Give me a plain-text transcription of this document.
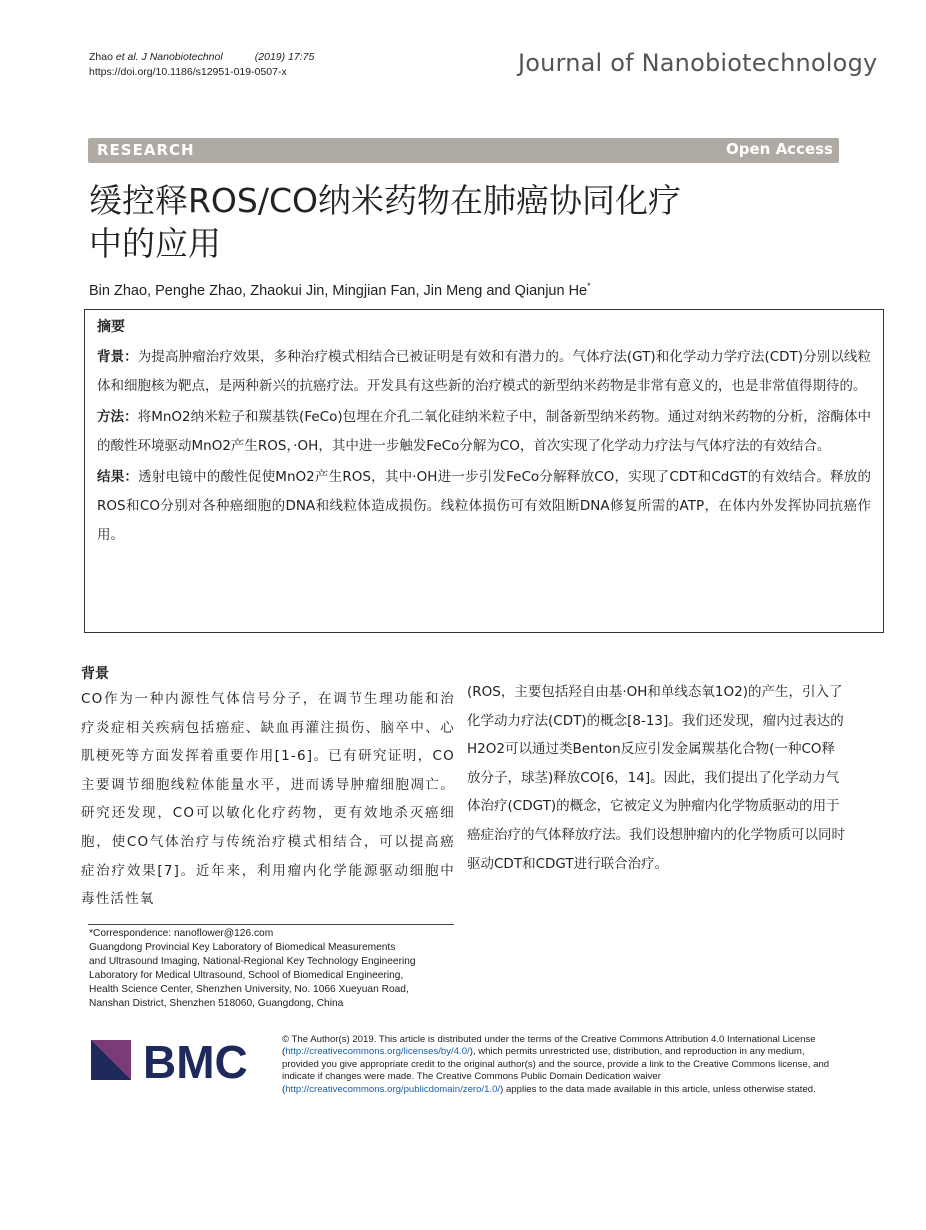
Zhao et al. J Nanobiotechnol	(2019) 17:75
https://doi.org/10.1186/s12951-019-0507-x	Journal of Nanobiotechnology
RESEARCH	Open Access
缓控释ROS/CO纳米药物在肺癌协同化疗中的应用
Bin Zhao, Penghe Zhao, Zhaokui Jin, Mingjian Fan, Jin Meng and Qianjun He*
摘要

背景：为提高肿瘤治疗效果，多种治疗模式相结合已被证明是有效和有潜力的。气体疗法(GT)和化学动力学疗法(CDT)分别以线粒体和细胞核为靶点，是两种新兴的抗癌疗法。开发具有这些新的治疗模式的新型纳米药物是非常有意义的，也是非常值得期待的。

方法：将MnO2纳米粒子和羰基铁(FeCo)包埋在介孔二氧化硅纳米粒子中，制备新型纳米药物。通过对纳米药物的分析，溶酶体中的酸性环境驱动MnO2产生ROS，·OH，其中进一步触发FeCo分解为CO，首次实现了化学动力疗法与气体疗法的有效结合。

结果：透射电镜中的酸性促使MnO2产生ROS，其中·OH进一步引发FeCo分解释放CO，实现了CDT和CdGT的有效结合。释放的ROS和CO分别对各种癌细胞的DNA和线粒体造成损伤。线粒体损伤可有效阻断DNA修复所需的ATP，在体内外发挥协同抗癌作用。

背景
CO作为一种内源性气体信号分子，在调节生理功能和治疗炎症相关疾病包括癌症、缺血再灌注损伤、脑卒中、心肌梗死等方面发挥着重要作用[1-6]。已有研究证明，CO主要调节细胞线粒体能量水平，进而诱导肿瘤细胞凋亡。研究还发现，CO可以敏化化疗药物，更有效地杀灭癌细胞，使CO气体治疗与传统治疗模式相结合，可以提高癌症治疗效果[7]。近年来，利用瘤内化学能源驱动细胞中毒性活性氧
(ROS，主要包括羟自由基·OH和单线态氧1O2)的产生，引入了化学动力疗法(CDT)的概念[8-13]。我们还发现，瘤内过表达的H2O2可以通过类Benton反应引发金属羰基化合物(一种CO释放分子，球茎)释放CO[6，14]。因此，我们提出了化学动力气体治疗(CDGT)的概念，它被定义为肿瘤内化学物质驱动的用于癌症治疗的气体释放疗法。我们设想肿瘤内的化学物质可以同时驱动CDT和CDGT进行联合治疗。
*Correspondence: nanoflower@126.com
Guangdong Provincial Key Laboratory of Biomedical Measurements
and Ultrasound Imaging, National-Regional Key Technology Engineering
Laboratory for Medical Ultrasound, School of Biomedical Engineering,
Health Science Center, Shenzhen University, No. 1066 Xueyuan Road,
Nanshan District, Shenzhen 518060, Guangdong, China
BMC	© The Author(s) 2019. This article is distributed under the terms of the Creative Commons Attribution 4.0 International License (http://creativecommons.org/licenses/by/4.0/), which permits unrestricted use, distribution, and reproduction in any medium, provided you give appropriate credit to the original author(s) and the source, provide a link to the Creative Commons license, and indicate if changes were made. The Creative Commons Public Domain Dedication waiver (http://creativecommons.org/publicdomain/zero/1.0/) applies to the data made available in this article, unless otherwise stated.
